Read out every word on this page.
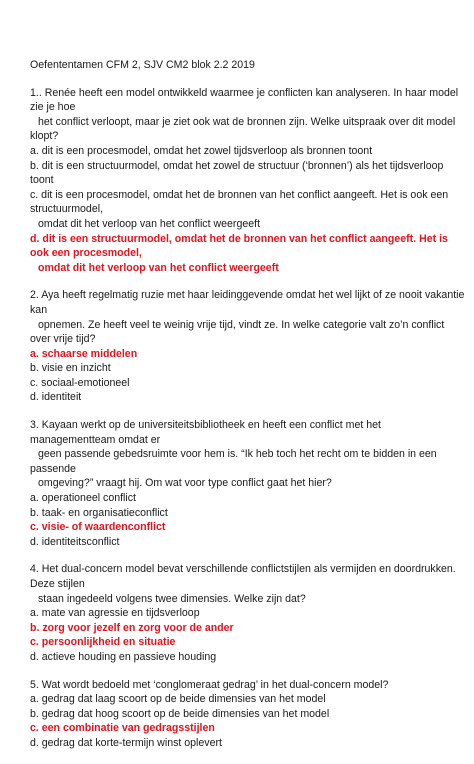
Oefententamen CFM 2, SJV CM2 blok 2.2 2019
1.. Renée heeft een model ontwikkeld waarmee je conflicten kan analyseren. In haar model
zie je hoe
het conflict verloopt, maar je ziet ook wat de bronnen zijn. Welke uitspraak over dit model
klopt?
a. dit is een procesmodel, omdat het zowel tijdsverloop als bronnen toont
b. dit is een structuurmodel, omdat het zowel de structuur (‘bronnen’) als het tijdsverloop
toont
c. dit is een procesmodel, omdat het de bronnen van het conflict aangeeft. Het is ook een
structuurmodel,
omdat dit het verloop van het conflict weergeeft
d. dit is een structuurmodel, omdat het de bronnen van het conflict aangeeft. Het is
ook een procesmodel,
omdat dit het verloop van het conflict weergeeft
2. Aya heeft regelmatig ruzie met haar leidinggevende omdat het wel lijkt of ze nooit vakantie
kan
opnemen. Ze heeft veel te weinig vrije tijd, vindt ze. In welke categorie valt zo’n conflict
over vrije tijd?
a. schaarse middelen
b. visie en inzicht
c. sociaal-emotioneel
d. identiteit
3. Kayaan werkt op de universiteitsbibliotheek en heeft een conflict met het
managementteam omdat er
geen passende gebedsruimte voor hem is. “Ik heb toch het recht om te bidden in een
passende
omgeving?” vraagt hij. Om wat voor type conflict gaat het hier?
a. operationeel conflict
b. taak- en organisatieconflict
c. visie- of waardenconflict
d. identiteitsconflict
4. Het dual-concern model bevat verschillende conflictstijlen als vermijden en doordrukken.
Deze stijlen
staan ingedeeld volgens twee dimensies. Welke zijn dat?
a. mate van agressie en tijdsverloop
b. zorg voor jezelf en zorg voor de ander
c. persoonlijkheid en situatie
d. actieve houding en passieve houding
5. Wat wordt bedoeld met ‘conglomeraat gedrag’ in het dual-concern model?
a. gedrag dat laag scoort op de beide dimensies van het model
b. gedrag dat hoog scoort op de beide dimensies van het model
c. een combinatie van gedragsstijlen
d. gedrag dat korte-termijn winst oplevert
